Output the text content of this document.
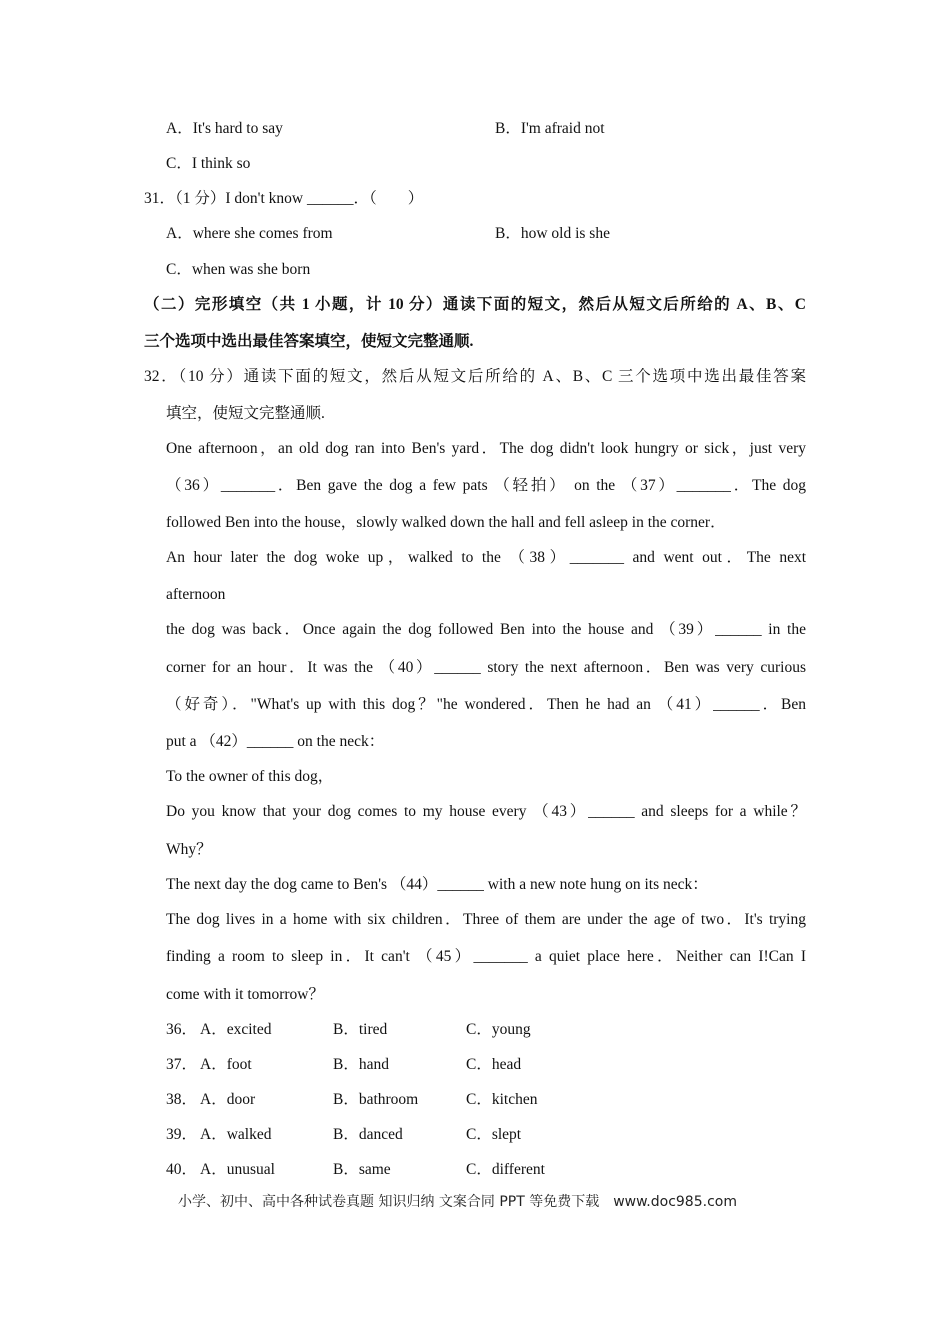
A．It's hard to say	B．I'm afraid not
C．I think so
31．（1 分）I don't know ______．（　　）
A．where she comes from	B．how old is she
C．when was she born
（二）完形填空（共 1 小题，计 10 分）通读下面的短文，然后从短文后所给的 A、B、C
三个选项中选出最佳答案填空，使短文完整通顺.
32．（10 分）通读下面的短文，然后从短文后所给的 A、B、C 三个选项中选出最佳答案
填空，使短文完整通顺.
One afternoon，an old dog ran into Ben's yard．The dog didn't look hungry or sick，just very
（36）_______．Ben gave the dog a few pats （轻拍） on the （37）_______．The dog
followed Ben into the house，slowly walked down the hall and fell asleep in the corner．
An hour later the dog woke up，walked to the （38）_______ and went out．The next
afternoon
the dog was back．Once again the dog followed Ben into the house and （39）______ in the
corner for an hour．It was the （40）______ story the next afternoon．Ben was very curious
（好奇）．"What's up with this dog？"he wondered．Then he had an （41）______．Ben
put a （42）______ on the neck：
To the owner of this dog，
Do you know that your dog comes to my house every （43）______ and sleeps for a while？
Why？
The next day the dog came to Ben's （44）______ with a new note hung on its neck：
The dog lives in a home with six children．Three of them are under the age of two．It's trying
finding a room to sleep in．It can't （45）_______ a quiet place here．Neither can I!Can I
come with it tomorrow？
36． A．excited	B．tired	C．young
37． A．foot	B．hand	C．head
38． A．door	B．bathroom	C．kitchen
39． A．walked	B．danced	C．slept
40． A．unusual	B．same	C．different
小学、初中、高中各种试卷真题 知识归纳 文案合同 PPT 等免费下载　www.doc985.com
